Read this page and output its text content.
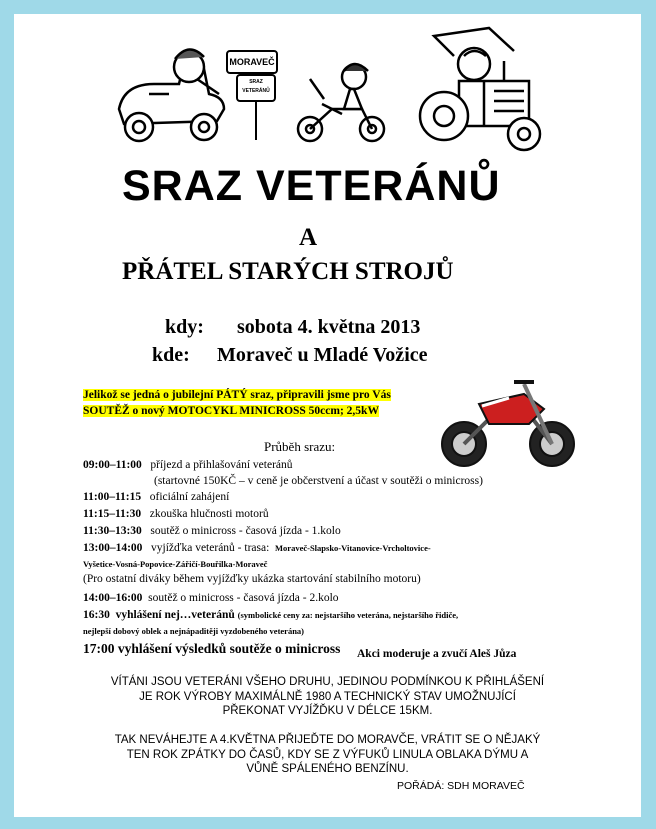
MORAVEČ
SRAZ
VETERÁNŮ
SRAZ VETERÁNŮ
A
PŘÁTEL STARÝCH STROJŮ
kdy: sobota 4. května 2013
kde: Moraveč u Mladé Vožice
Jelikož se jedná o jubilejní PÁTÝ sraz, připravili jsme pro Vás
SOUTĚŽ o nový MOTOCYKL MINICROSS 50ccm; 2,5kW
Průběh srazu:
09:00–11:00 příjezd a přihlašování veteránů
(startovné 150KČ – v ceně je občerstvení a účast v soutěži o minicross)
11:00–11:15 oficiální zahájení
11:15–11:30 zkouška hlučnosti motorů
11:30–13:30 soutěž o minicross - časová jízda - 1.kolo
13:00–14:00 vyjížďka veteránů - trasa: Moraveč-Slapsko-Vitanovice-Vrcholtovice-
Vyšetice-Vosná-Popovice-Zářičí-Bouřilka-Moraveč
(Pro ostatní diváky během vyjížďky ukázka startování stabilního motoru)
14:00–16:00 soutěž o minicross - časová jízda - 2.kolo
16:30 vyhlášení nej…veteránů (symbolické ceny za: nejstaršího veterána, nejstaršího řidiče,
nejlepší dobový oblek a nejnápaditěji vyzdobeného veterána)
17:00 vyhlášení výsledků soutěže o minicross Akci moderuje a zvučí Aleš Jůza
VÍTÁNI JSOU VETERÁNI VŠEHO DRUHU, JEDINOU PODMÍNKOU K PŘIHLÁŠENÍ
JE ROK VÝROBY MAXIMÁLNĚ 1980 A TECHNICKÝ STAV UMOŽNUJÍCÍ
PŘEKONAT VYJÍŽĎKU V DÉLCE 15KM.
TAK NEVÁHEJTE A 4.KVĚTNA PŘIJEĎTE DO MORAVČE, VRÁTIT SE O NĚJAKÝ
TEN ROK ZPÁTKY DO ČASŮ, KDY SE Z VÝFUKŮ LINULA OBLAKA DÝMU A
VŮNĚ SPÁLENÉHO BENZÍNU.
POŘÁDÁ: SDH MORAVEČ
